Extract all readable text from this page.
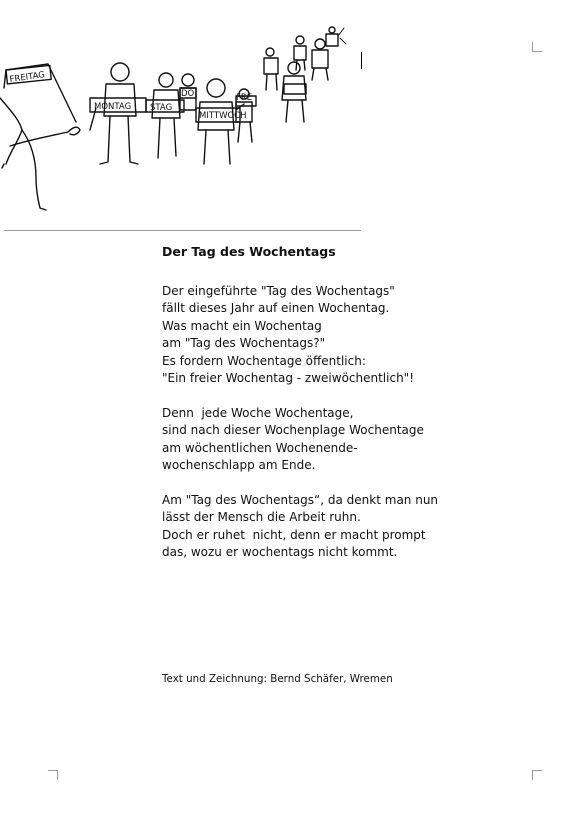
FREITAG
MONTAG STAG
MITTWOCH
DO	FRE
Der Tag des Wochentags
Der eingeführte "Tag des Wochentags"
fällt dieses Jahr auf einen Wochentag.
Was macht ein Wochentag
am "Tag des Wochentags?"
Es fordern Wochentage öffentlich:
"Ein freier Wochentag - zweiwöchentlich"!
Denn  jede Woche Wochentage,
sind nach dieser Wochenplage Wochentage
am wöchentlichen Wochenende-
wochenschlapp am Ende.
Am "Tag des Wochentags“, da denkt man nun
lässt der Mensch die Arbeit ruhn.
Doch er ruhet  nicht, denn er macht prompt
das, wozu er wochentags nicht kommt.
Text und Zeichnung: Bernd Schäfer, Wremen
